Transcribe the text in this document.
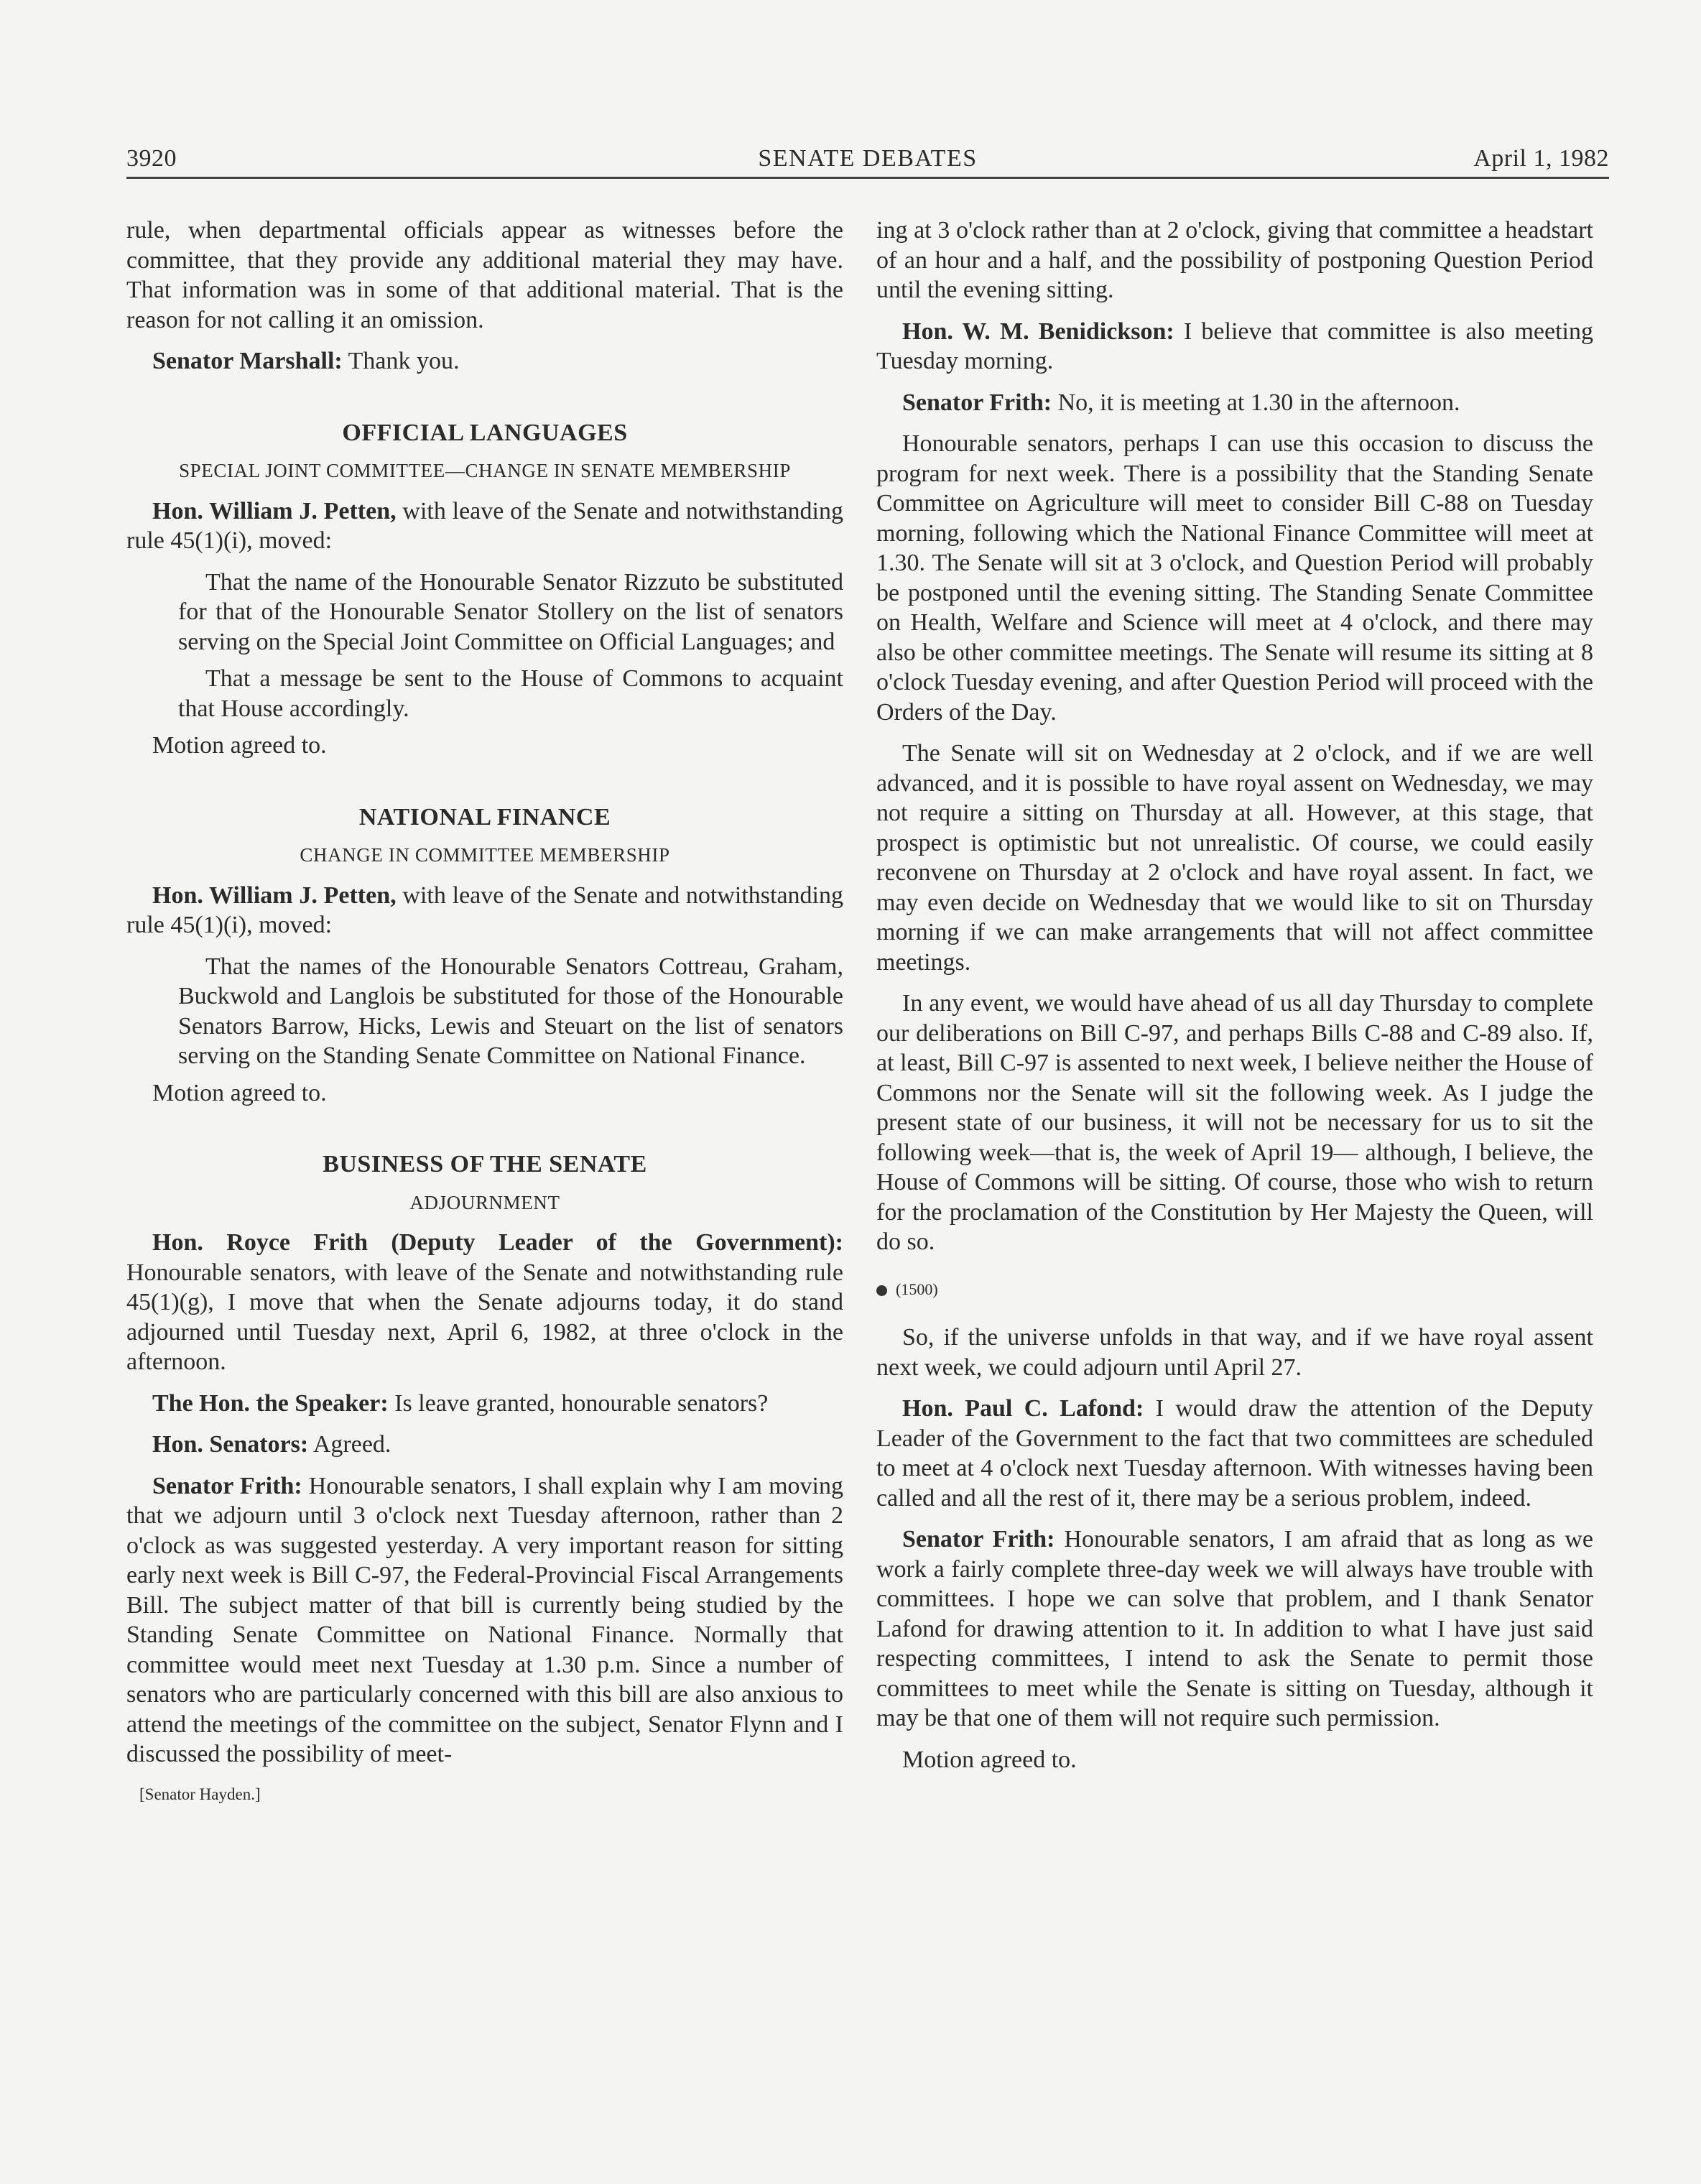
3920	SENATE DEBATES	April 1, 1982

rule, when departmental officials appear as witnesses before the committee, that they provide any additional material they may have. That information was in some of that additional material. That is the reason for not calling it an omission.

Senator Marshall: Thank you.

OFFICIAL LANGUAGES
SPECIAL JOINT COMMITTEE—CHANGE IN SENATE MEMBERSHIP

Hon. William J. Petten, with leave of the Senate and notwithstanding rule 45(1)(i), moved:

That the name of the Honourable Senator Rizzuto be substituted for that of the Honourable Senator Stollery on the list of senators serving on the Special Joint Committee on Official Languages; and

That a message be sent to the House of Commons to acquaint that House accordingly.

Motion agreed to.

NATIONAL FINANCE
CHANGE IN COMMITTEE MEMBERSHIP

Hon. William J. Petten, with leave of the Senate and notwithstanding rule 45(1)(i), moved:

That the names of the Honourable Senators Cottreau, Graham, Buckwold and Langlois be substituted for those of the Honourable Senators Barrow, Hicks, Lewis and Steuart on the list of senators serving on the Standing Senate Committee on National Finance.

Motion agreed to.

BUSINESS OF THE SENATE
ADJOURNMENT

Hon. Royce Frith (Deputy Leader of the Government): Honourable senators, with leave of the Senate and notwithstanding rule 45(1)(g), I move that when the Senate adjourns today, it do stand adjourned until Tuesday next, April 6, 1982, at three o'clock in the afternoon.

The Hon. the Speaker: Is leave granted, honourable senators?

Hon. Senators: Agreed.

Senator Frith: Honourable senators, I shall explain why I am moving that we adjourn until 3 o'clock next Tuesday afternoon, rather than 2 o'clock as was suggested yesterday. A very important reason for sitting early next week is Bill C-97, the Federal-Provincial Fiscal Arrangements Bill. The subject matter of that bill is currently being studied by the Standing Senate Committee on National Finance. Normally that committee would meet next Tuesday at 1.30 p.m. Since a number of senators who are particularly concerned with this bill are also anxious to attend the meetings of the committee on the subject, Senator Flynn and I discussed the possibility of meet-

[Senator Hayden.]

ing at 3 o'clock rather than at 2 o'clock, giving that committee a headstart of an hour and a half, and the possibility of postponing Question Period until the evening sitting.

Hon. W. M. Benidickson: I believe that committee is also meeting Tuesday morning.

Senator Frith: No, it is meeting at 1.30 in the afternoon.

Honourable senators, perhaps I can use this occasion to discuss the program for next week. There is a possibility that the Standing Senate Committee on Agriculture will meet to consider Bill C-88 on Tuesday morning, following which the National Finance Committee will meet at 1.30. The Senate will sit at 3 o'clock, and Question Period will probably be postponed until the evening sitting. The Standing Senate Committee on Health, Welfare and Science will meet at 4 o'clock, and there may also be other committee meetings. The Senate will resume its sitting at 8 o'clock Tuesday evening, and after Question Period will proceed with the Orders of the Day.

The Senate will sit on Wednesday at 2 o'clock, and if we are well advanced, and it is possible to have royal assent on Wednesday, we may not require a sitting on Thursday at all. However, at this stage, that prospect is optimistic but not unrealistic. Of course, we could easily reconvene on Thursday at 2 o'clock and have royal assent. In fact, we may even decide on Wednesday that we would like to sit on Thursday morning if we can make arrangements that will not affect committee meetings.

In any event, we would have ahead of us all day Thursday to complete our deliberations on Bill C-97, and perhaps Bills C-88 and C-89 also. If, at least, Bill C-97 is assented to next week, I believe neither the House of Commons nor the Senate will sit the following week. As I judge the present state of our business, it will not be necessary for us to sit the following week—that is, the week of April 19— although, I believe, the House of Commons will be sitting. Of course, those who wish to return for the proclamation of the Constitution by Her Majesty the Queen, will do so.

(1500)

So, if the universe unfolds in that way, and if we have royal assent next week, we could adjourn until April 27.

Hon. Paul C. Lafond: I would draw the attention of the Deputy Leader of the Government to the fact that two committees are scheduled to meet at 4 o'clock next Tuesday afternoon. With witnesses having been called and all the rest of it, there may be a serious problem, indeed.

Senator Frith: Honourable senators, I am afraid that as long as we work a fairly complete three-day week we will always have trouble with committees. I hope we can solve that problem, and I thank Senator Lafond for drawing attention to it. In addition to what I have just said respecting committees, I intend to ask the Senate to permit those committees to meet while the Senate is sitting on Tuesday, although it may be that one of them will not require such permission.

Motion agreed to.
